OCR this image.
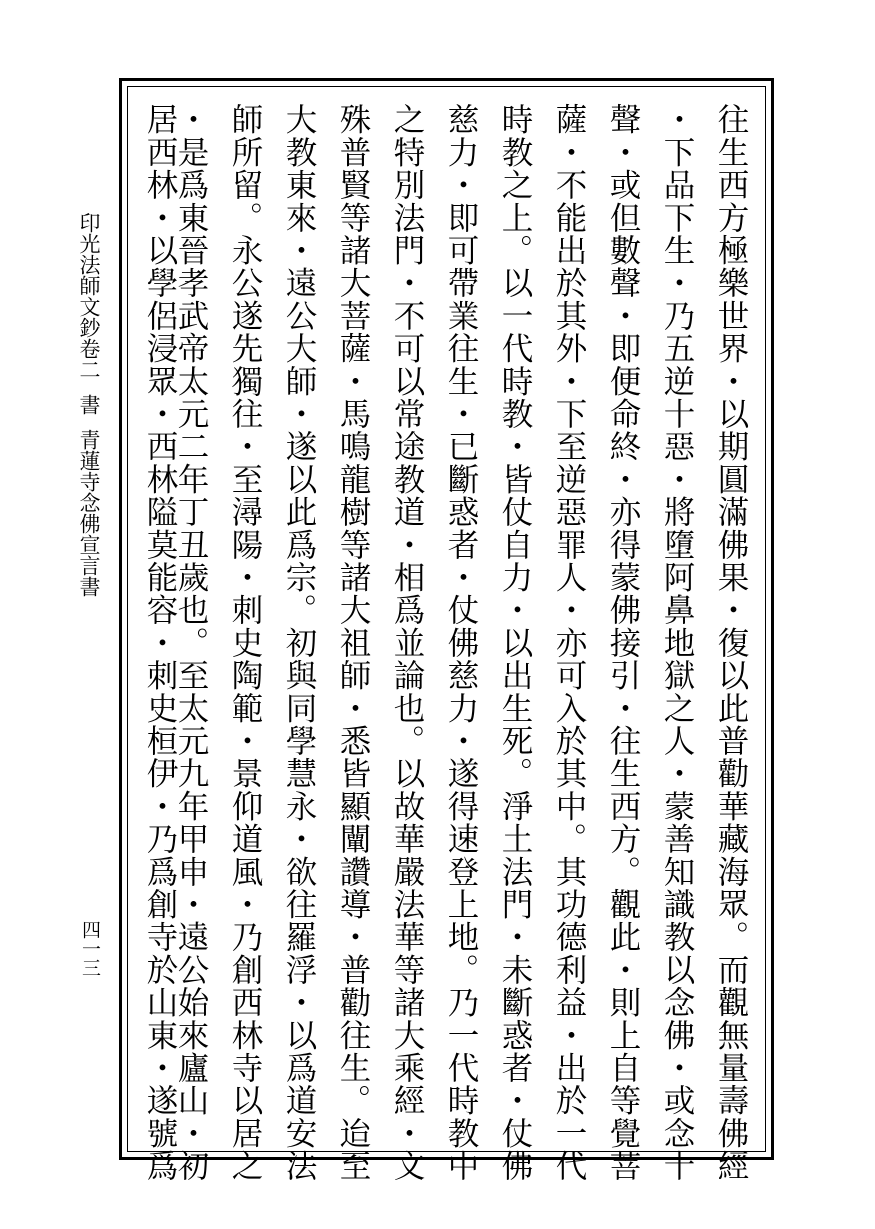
印光法師文鈔卷二書青蓮寺念佛宣言書
四一三	往生西方極樂世界・以期圓滿佛果・復以此普勸華藏海眾。而觀無量壽佛經
・下品下生・乃五逆十惡・將墮阿鼻地獄之人・蒙善知識教以念佛・或念十
聲・或但數聲・即便命終・亦得蒙佛接引・往生西方。觀此・則上自等覺菩
薩・不能出於其外・下至逆惡罪人・亦可入於其中。其功德利益・出於一代
時教之上。以一代時教・皆仗自力・以出生死。淨土法門・未斷惑者・仗佛
慈力・即可帶業往生・已斷惑者・仗佛慈力・遂得速登上地。乃一代時教中
之特別法門・不可以常途教道・相爲並論也。以故華嚴法華等諸大乘經・文
殊普賢等諸大菩薩・馬鳴龍樹等諸大祖師・悉皆顯闡讚導・普勸往生。迨至
大教東來・遠公大師・遂以此爲宗。初與同學慧永・欲往羅浮・以爲道安法
師所留。永公遂先獨往・至潯陽・刺史陶範・景仰道風・乃創西林寺以居之
・是爲東晉孝武帝太元二年丁丑歲也。至太元九年甲申・遠公始來廬山・初
居西林・以學侶浸眾・西林隘莫能容・刺史桓伊・乃爲創寺於山東・遂號爲
